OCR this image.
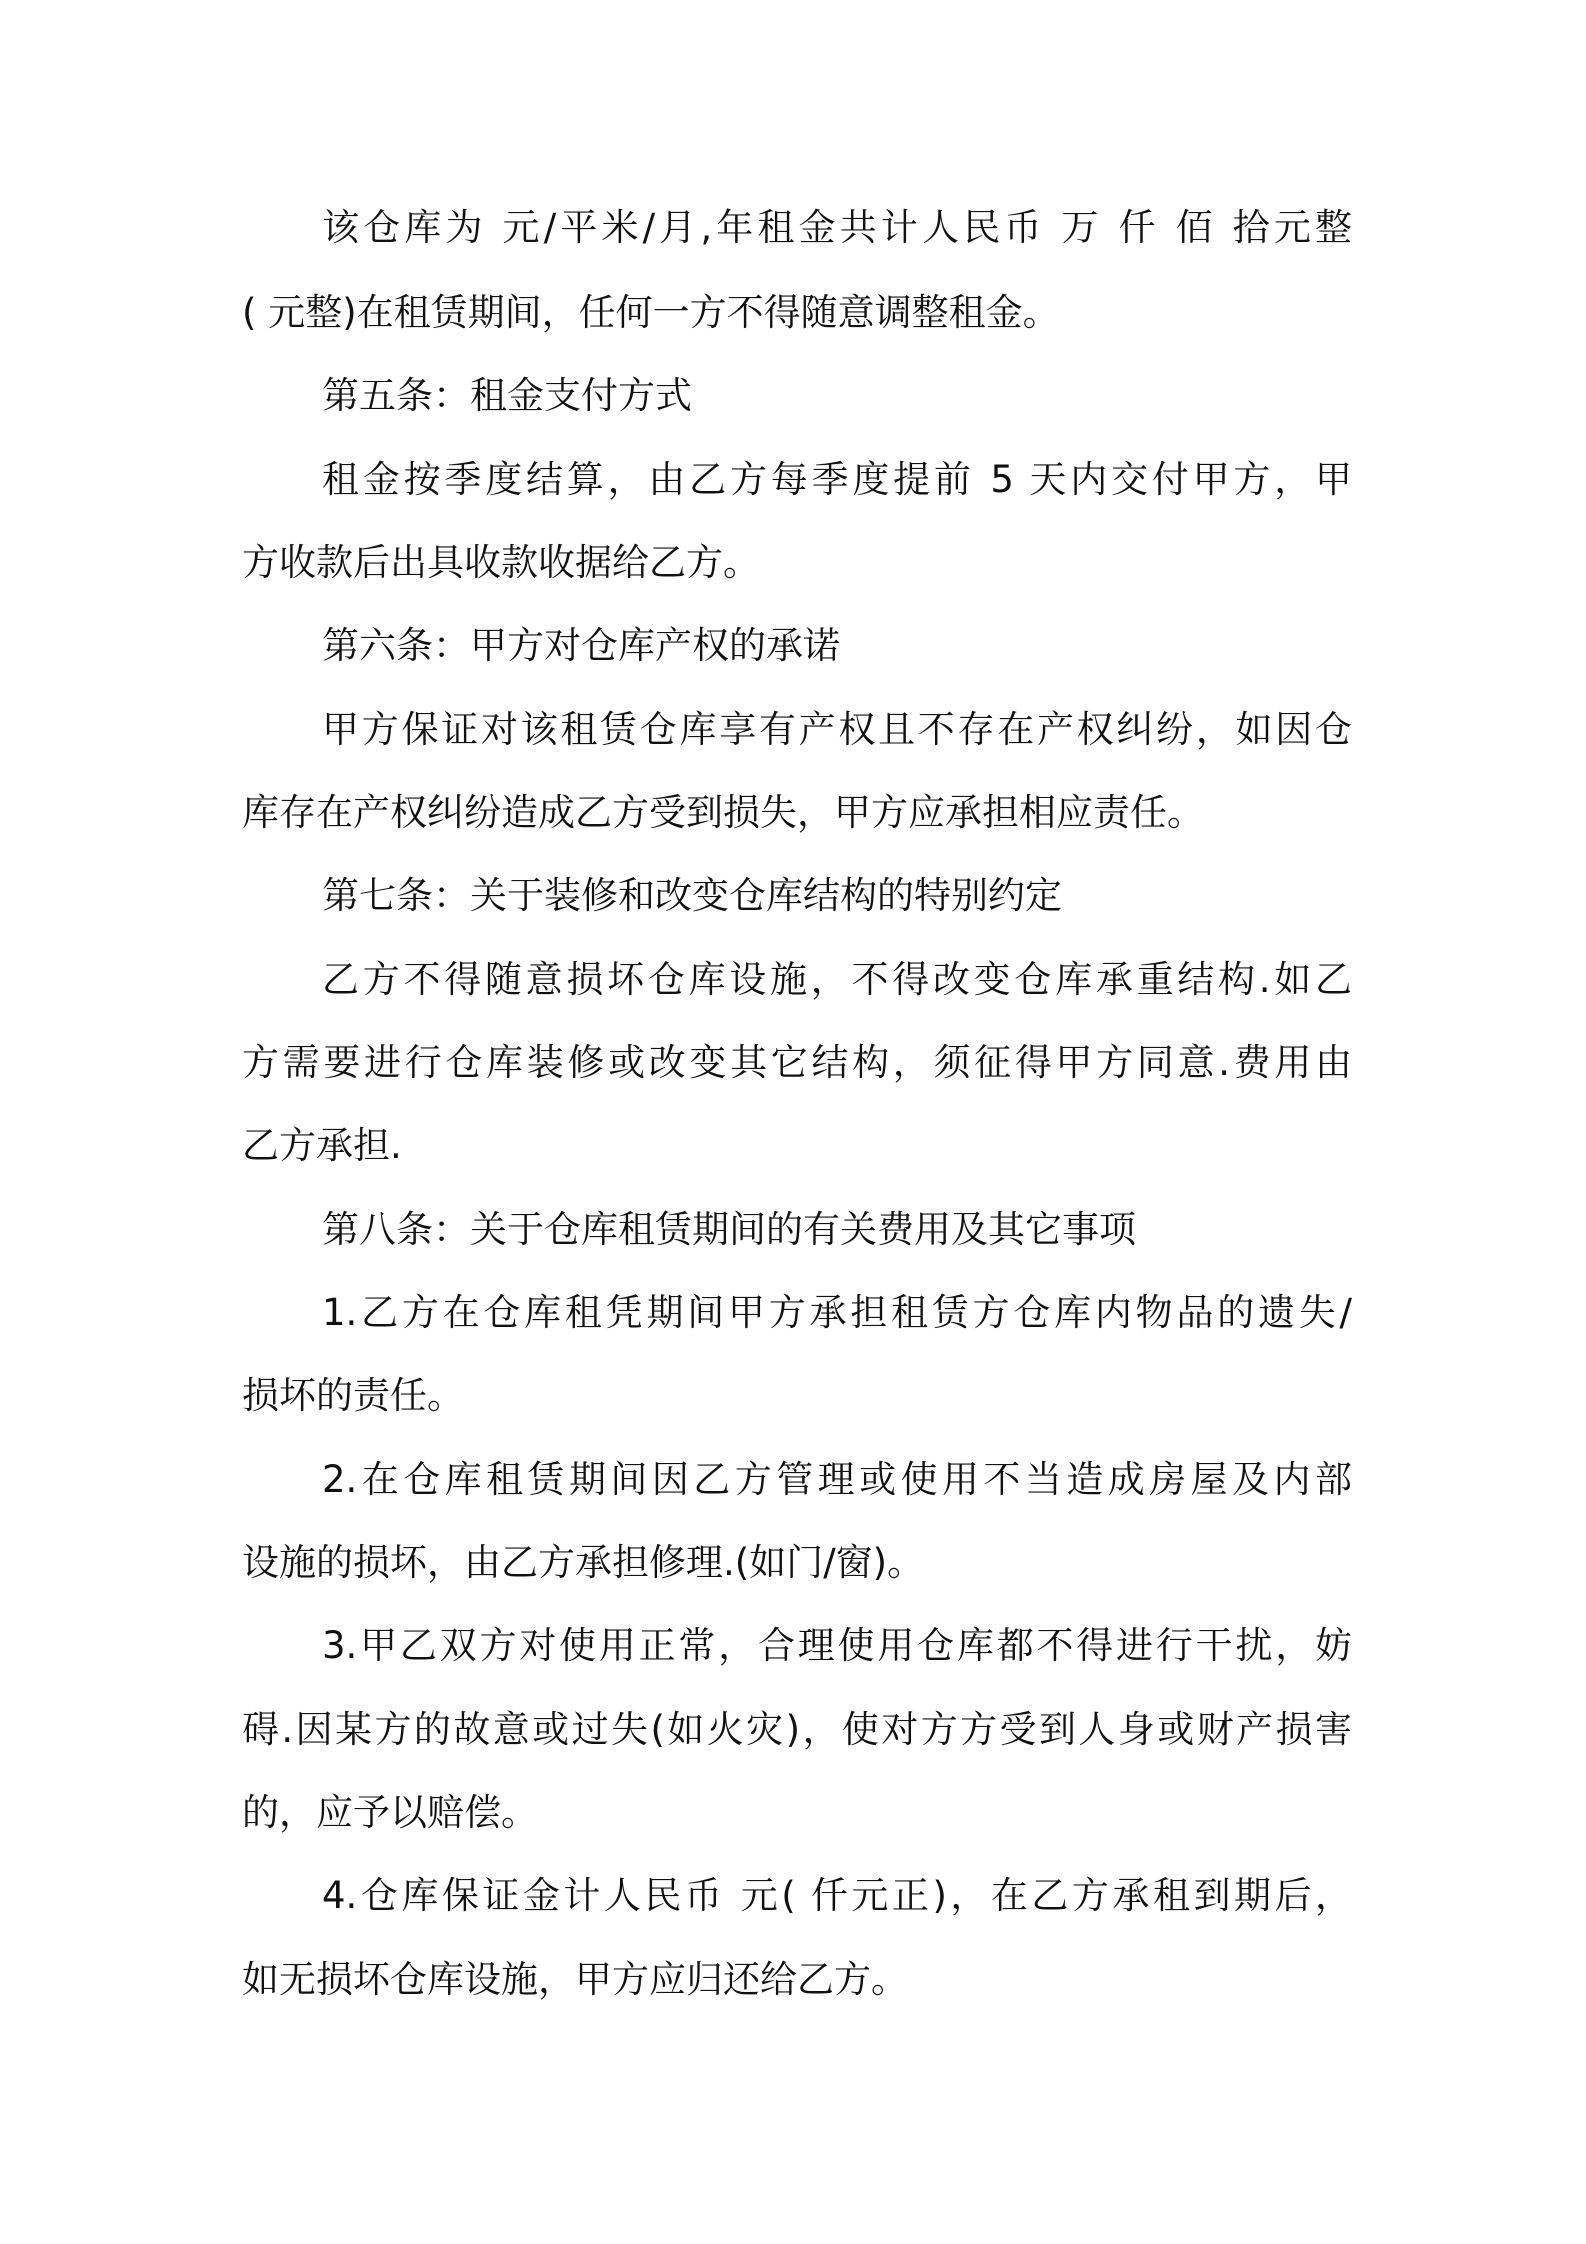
该仓库为 元/平米/月,年租金共计人民币 万 仟 佰 拾元整
( 元整)在租赁期间，任何一方不得随意调整租金。
第五条：租金支付方式
租金按季度结算，由乙方每季度提前 5 天内交付甲方，甲
方收款后出具收款收据给乙方。
第六条：甲方对仓库产权的承诺
甲方保证对该租赁仓库享有产权且不存在产权纠纷，如因仓
库存在产权纠纷造成乙方受到损失，甲方应承担相应责任。
第七条：关于装修和改变仓库结构的特别约定
乙方不得随意损坏仓库设施，不得改变仓库承重结构.如乙
方需要进行仓库装修或改变其它结构，须征得甲方同意.费用由
乙方承担.
第八条：关于仓库租赁期间的有关费用及其它事项
1.乙方在仓库租凭期间甲方承担租赁方仓库内物品的遗失/
损坏的责任。
2.在仓库租赁期间因乙方管理或使用不当造成房屋及内部
设施的损坏，由乙方承担修理.(如门/窗)。
3.甲乙双方对使用正常，合理使用仓库都不得进行干扰，妨
碍.因某方的故意或过失(如火灾)，使对方方受到人身或财产损害
的，应予以赔偿。
4.仓库保证金计人民币 元( 仟元正)，在乙方承租到期后，
如无损坏仓库设施，甲方应归还给乙方。
